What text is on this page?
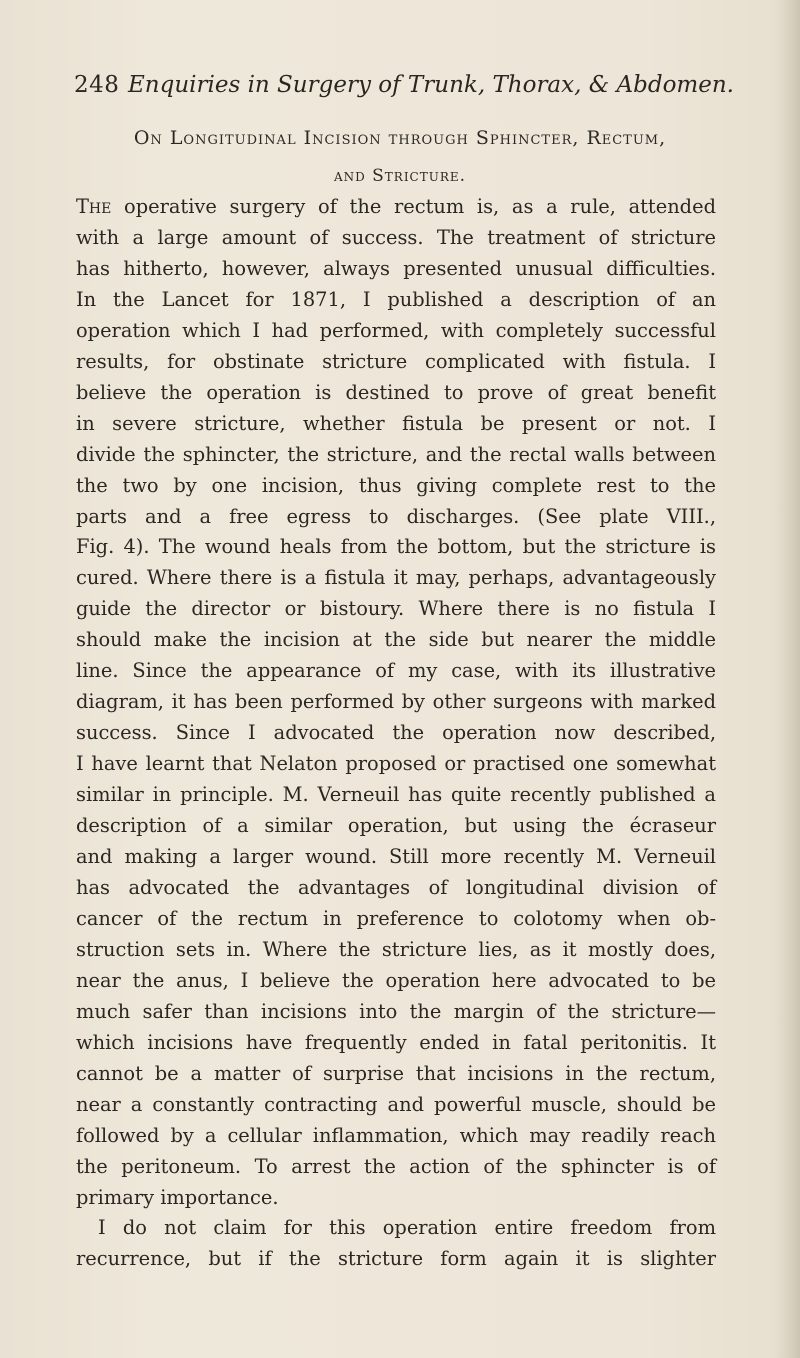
248 Enquiries in Surgery of Trunk, Thorax, & Abdomen.
On Longitudinal Incision through Sphincter, Rectum,
and Stricture.
The operative surgery of the rectum is, as a rule, attended
with a large amount of success. The treatment of stricture
has hitherto, however, always presented unusual difficulties.
In the Lancet for 1871, I published a description of an
operation which I had performed, with completely successful
results, for obstinate stricture complicated with fistula. I
believe the operation is destined to prove of great benefit
in severe stricture, whether fistula be present or not. I
divide the sphincter, the stricture, and the rectal walls between
the two by one incision, thus giving complete rest to the
parts and a free egress to discharges. (See plate VIII.,
Fig. 4). The wound heals from the bottom, but the stricture is
cured. Where there is a fistula it may, perhaps, advantageously
guide the director or bistoury. Where there is no fistula I
should make the incision at the side but nearer the middle
line. Since the appearance of my case, with its illustrative
diagram, it has been performed by other surgeons with marked
success. Since I advocated the operation now described,
I have learnt that Nelaton proposed or practised one somewhat
similar in principle. M. Verneuil has quite recently published a
description of a similar operation, but using the écraseur
and making a larger wound. Still more recently M. Verneuil
has advocated the advantages of longitudinal division of
cancer of the rectum in preference to colotomy when ob-
struction sets in. Where the stricture lies, as it mostly does,
near the anus, I believe the operation here advocated to be
much safer than incisions into the margin of the stricture—
which incisions have frequently ended in fatal peritonitis. It
cannot be a matter of surprise that incisions in the rectum,
near a constantly contracting and powerful muscle, should be
followed by a cellular inflammation, which may readily reach
the peritoneum. To arrest the action of the sphincter is of
primary importance.
I do not claim for this operation entire freedom from
recurrence, but if the stricture form again it is slighter
